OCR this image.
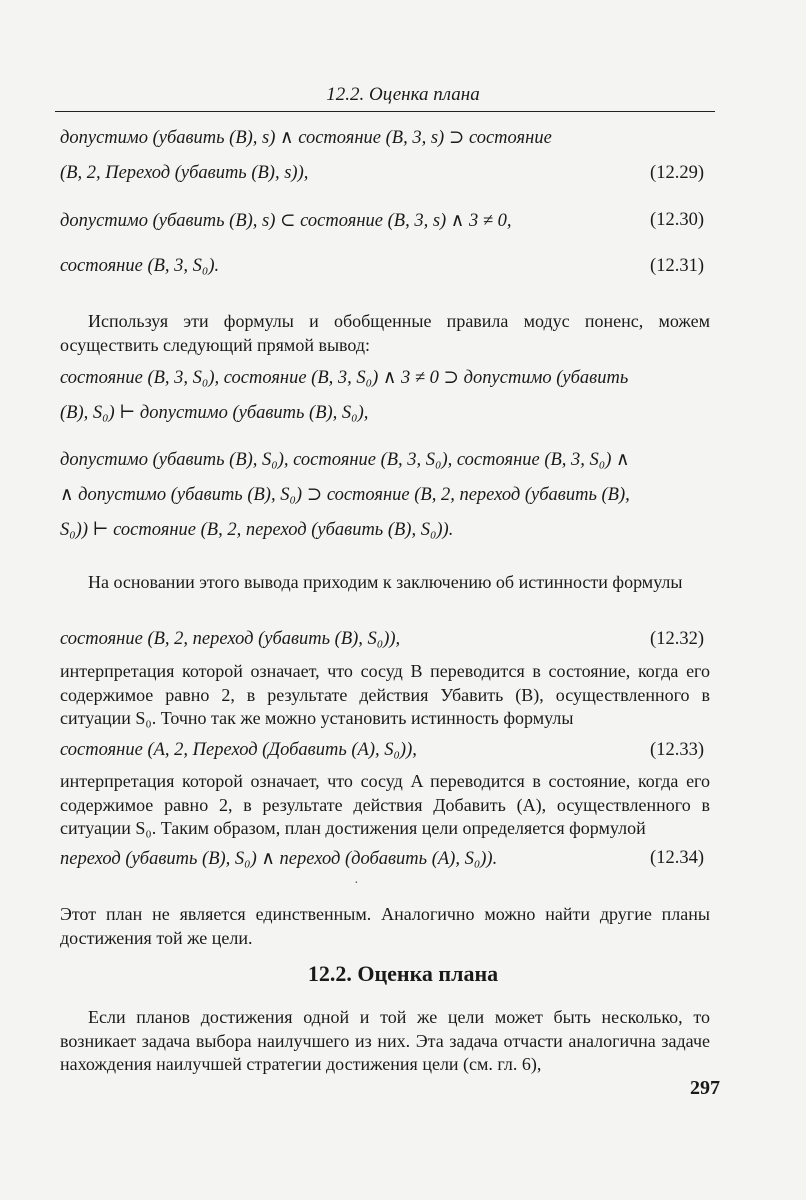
12.2. Оценка плана
допустимо (убавить (B), s) ∧ состояние (B, 3, s) ⊃ состояние
(B, 2, Переход (убавить (B), s)),	(12.29)
допустимо (убавить (B), s) ⊂ состояние (B, 3, s) ∧ 3 ≠ 0,	(12.30)
состояние (B, 3, S₀).	(12.31)
Используя эти формулы и обобщенные правила модус поненс, можем осуществить следующий прямой вывод:
состояние (B, 3, S₀), состояние (B, 3, S₀) ∧ 3 ≠ 0 ⊃ допустимо (убавить
(B), S₀) ⊢ допустимо (убавить (B), S₀),
допустимо (убавить (B), S₀), состояние (B, 3, S₀), состояние (B, 3, S₀) ∧
∧ допустимо (убавить (B), S₀) ⊃ состояние (B, 2, переход (убавить (B),
S₀)) ⊢ состояние (B, 2, переход (убавить (B), S₀)).
На основании этого вывода приходим к заключению об истинности формулы
состояние (B, 2, переход (убавить (B), S₀)),	(12.32)
интерпретация которой означает, что сосуд B переводится в состояние, когда его содержимое равно 2, в результате действия Убавить (B), осуществленного в ситуации S₀. Точно так же можно установить истинность формулы
состояние (A, 2, Переход (Добавить (A), S₀)),	(12.33)
интерпретация которой означает, что сосуд A переводится в состояние, когда его содержимое равно 2, в результате действия Добавить (A), осуществленного в ситуации S₀. Таким образом, план достижения цели определяется формулой
переход (убавить (B), S₀) ∧ переход (добавить (A), S₀)).	(12.34)
·
Этот план не является единственным. Аналогично можно найти другие планы достижения той же цели.
12.2. Оценка плана
Если планов достижения одной и той же цели может быть несколько, то возникает задача выбора наилучшего из них. Эта задача отчасти аналогична задаче нахождения наилучшей стратегии достижения цели (см. гл. 6),
297
